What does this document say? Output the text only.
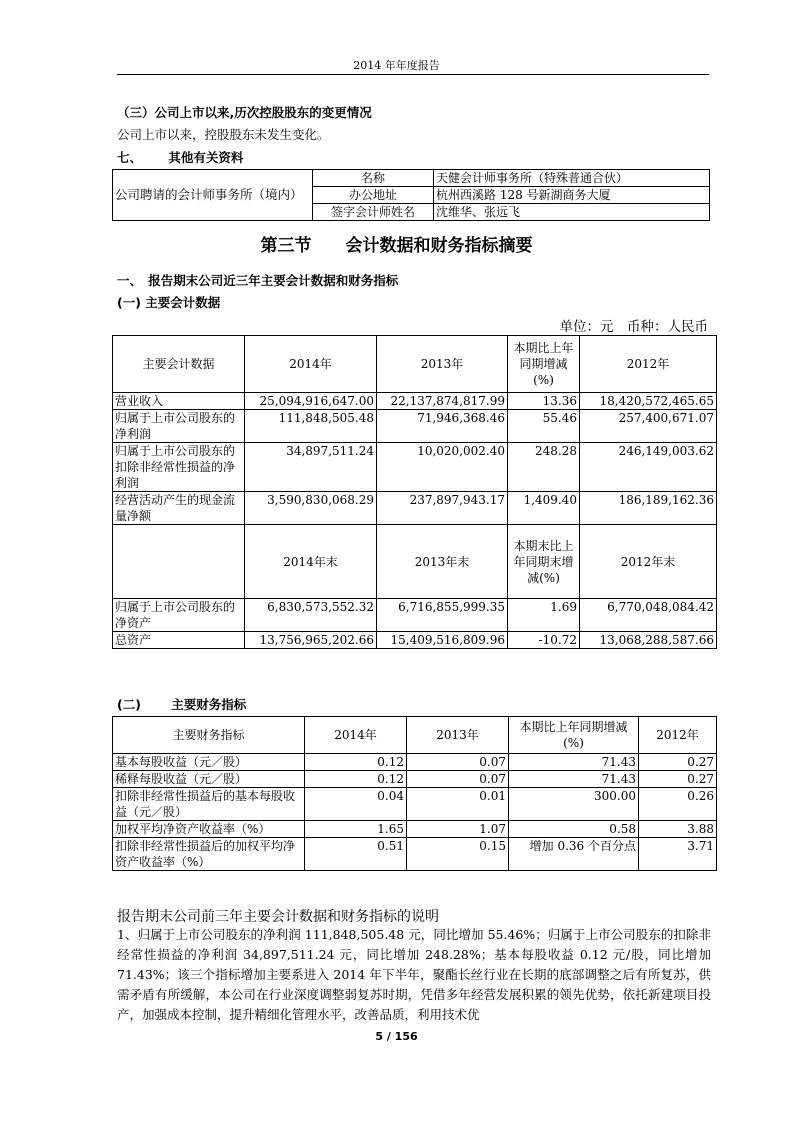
2014 年年度报告
（三）公司上市以来,历次控股股东的变更情况
公司上市以来，控股股东未发生变化。
七、 其他有关资料
公司聘请的会计师事务所（境内）	名称	天健会计师事务所（特殊普通合伙）
	办公地址	杭州西溪路 128 号新湖商务大厦
	签字会计师姓名	沈维华、张远飞
第三节　　会计数据和财务指标摘要
一、　报告期末公司近三年主要会计数据和财务指标
(一) 主要会计数据
单位：元　币种：人民币
主要会计数据	2014年	2013年	本期比上年同期增减(%)	2012年
营业收入	25,094,916,647.00	22,137,874,817.99	13.36	18,420,572,465.65
归属于上市公司股东的净利润	111,848,505.48	71,946,368.46	55.46	257,400,671.07
归属于上市公司股东的扣除非经常性损益的净利润	34,897,511.24	10,020,002.40	248.28	246,149,003.62
经营活动产生的现金流量净额	3,590,830,068.29	237,897,943.17	1,409.40	186,189,162.36
	2014年末	2013年末	本期末比上年同期末增减(%)	2012年末
归属于上市公司股东的净资产	6,830,573,552.32	6,716,855,999.35	1.69	6,770,048,084.42
总资产	13,756,965,202.66	15,409,516,809.96	-10.72	13,068,288,587.66
(二) 主要财务指标
主要财务指标	2014年	2013年	本期比上年同期增减(%)	2012年
基本每股收益（元／股）	0.12	0.07	71.43	0.27
稀释每股收益（元／股）	0.12	0.07	71.43	0.27
扣除非经常性损益后的基本每股收益（元／股）	0.04	0.01	300.00	0.26
加权平均净资产收益率（%）	1.65	1.07	0.58	3.88
扣除非经常性损益后的加权平均净资产收益率（%）	0.51	0.15	增加 0.36 个百分点	3.71
报告期末公司前三年主要会计数据和财务指标的说明
1、归属于上市公司股东的净利润 111,848,505.48 元，同比增加 55.46%；归属于上市公司股东的扣除非经常性损益的净利润 34,897,511.24 元，同比增加 248.28%；基本每股收益 0.12 元/股，同比增加 71.43%；该三个指标增加主要系进入 2014 年下半年，聚酯长丝行业在长期的底部调整之后有所复苏，供需矛盾有所缓解，本公司在行业深度调整弱复苏时期，凭借多年经营发展积累的领先优势，依托新建项目投产，加强成本控制，提升精细化管理水平，改善品质，利用技术优
5 / 156
